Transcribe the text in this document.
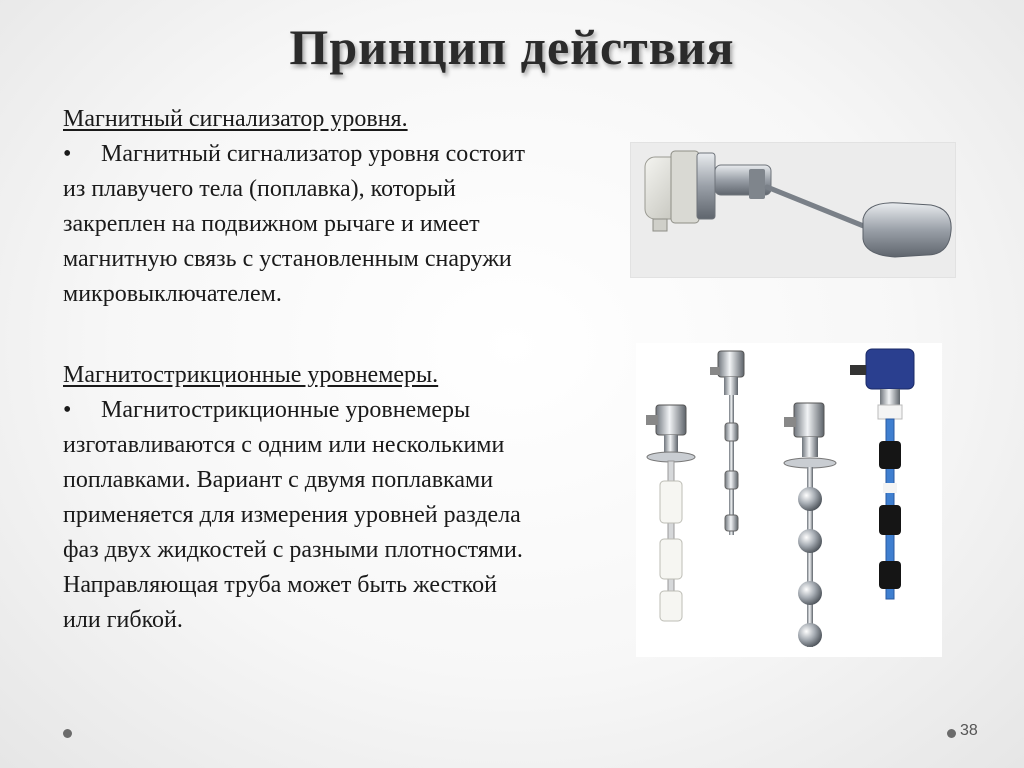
Принцип действия
Магнитный сигнализатор уровня.
• Магнитный сигнализатор уровня состоит
из плавучего тела (поплавка), который
закреплен на подвижном рычаге и имеет
магнитную связь с установленным снаружи
микровыключателем.
Магнитострикционные уровнемеры.
• Магнитострикционные уровнемеры
изготавливаются с одним или несколькими
поплавками. Вариант с двумя поплавками
применяется для измерения уровней раздела
фаз двух жидкостей с разными плотностями.
Направляющая труба может быть жесткой
или гибкой.
38
